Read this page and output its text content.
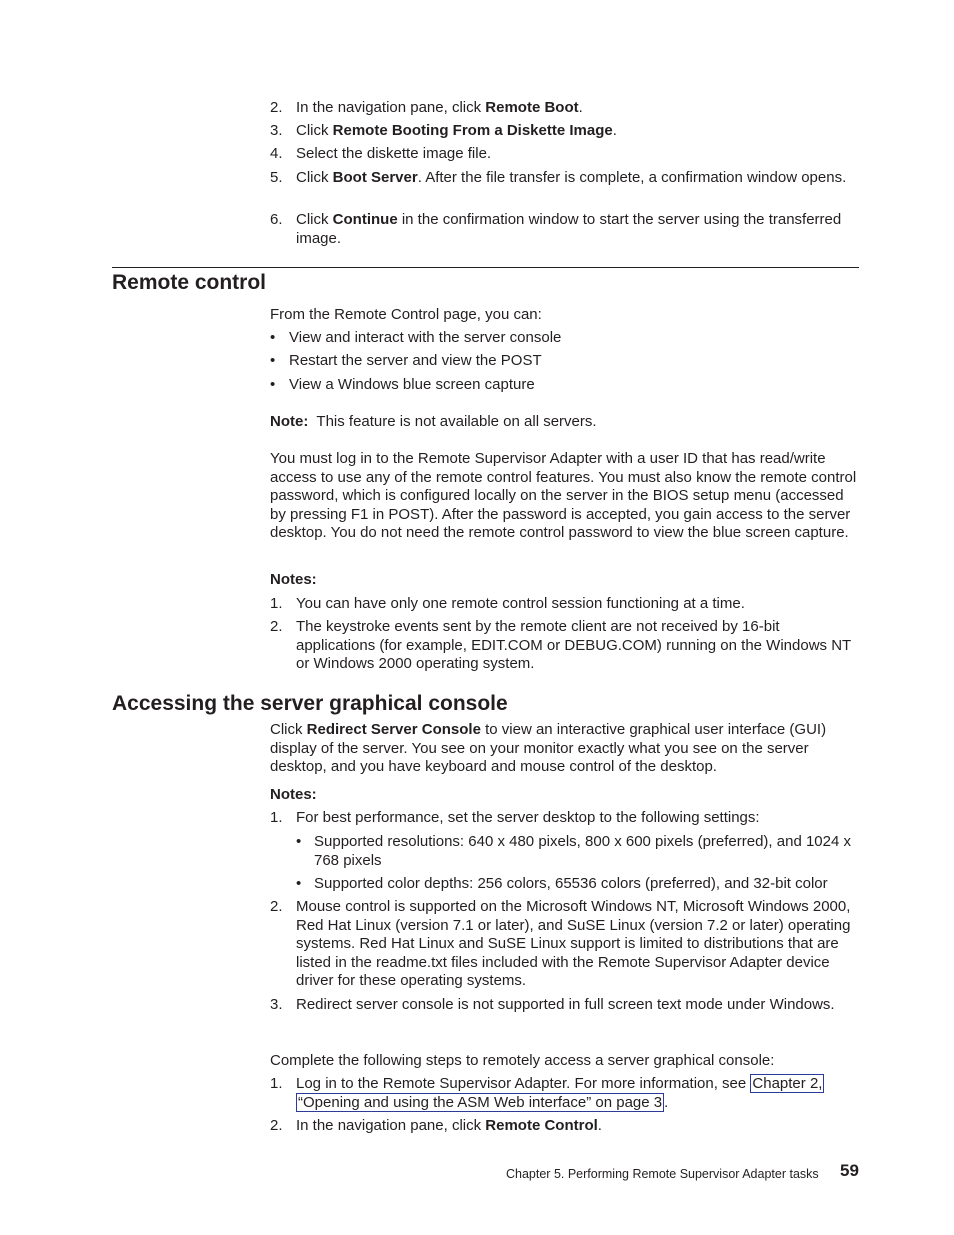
2. In the navigation pane, click Remote Boot.
3. Click Remote Booting From a Diskette Image.
4. Select the diskette image file.
5. Click Boot Server. After the file transfer is complete, a confirmation window opens.
6. Click Continue in the confirmation window to start the server using the transferred image.
Remote control
From the Remote Control page, you can:
• View and interact with the server console
• Restart the server and view the POST
• View a Windows blue screen capture
Note: This feature is not available on all servers.
You must log in to the Remote Supervisor Adapter with a user ID that has read/write access to use any of the remote control features. You must also know the remote control password, which is configured locally on the server in the BIOS setup menu (accessed by pressing F1 in POST). After the password is accepted, you gain access to the server desktop. You do not need the remote control password to view the blue screen capture.
Notes:
1. You can have only one remote control session functioning at a time.
2. The keystroke events sent by the remote client are not received by 16-bit applications (for example, EDIT.COM or DEBUG.COM) running on the Windows NT or Windows 2000 operating system.
Accessing the server graphical console
Click Redirect Server Console to view an interactive graphical user interface (GUI) display of the server. You see on your monitor exactly what you see on the server desktop, and you have keyboard and mouse control of the desktop.
Notes:
1. For best performance, set the server desktop to the following settings:
• Supported resolutions: 640 x 480 pixels, 800 x 600 pixels (preferred), and 1024 x 768 pixels
• Supported color depths: 256 colors, 65536 colors (preferred), and 32-bit color
2. Mouse control is supported on the Microsoft Windows NT, Microsoft Windows 2000, Red Hat Linux (version 7.1 or later), and SuSE Linux (version 7.2 or later) operating systems. Red Hat Linux and SuSE Linux support is limited to distributions that are listed in the readme.txt files included with the Remote Supervisor Adapter device driver for these operating systems.
3. Redirect server console is not supported in full screen text mode under Windows.
Complete the following steps to remotely access a server graphical console:
1. Log in to the Remote Supervisor Adapter. For more information, see Chapter 2,
“Opening and using the ASM Web interface” on page 3 .
2. In the navigation pane, click Remote Control.
Chapter 5. Performing Remote Supervisor Adapter tasks 59
